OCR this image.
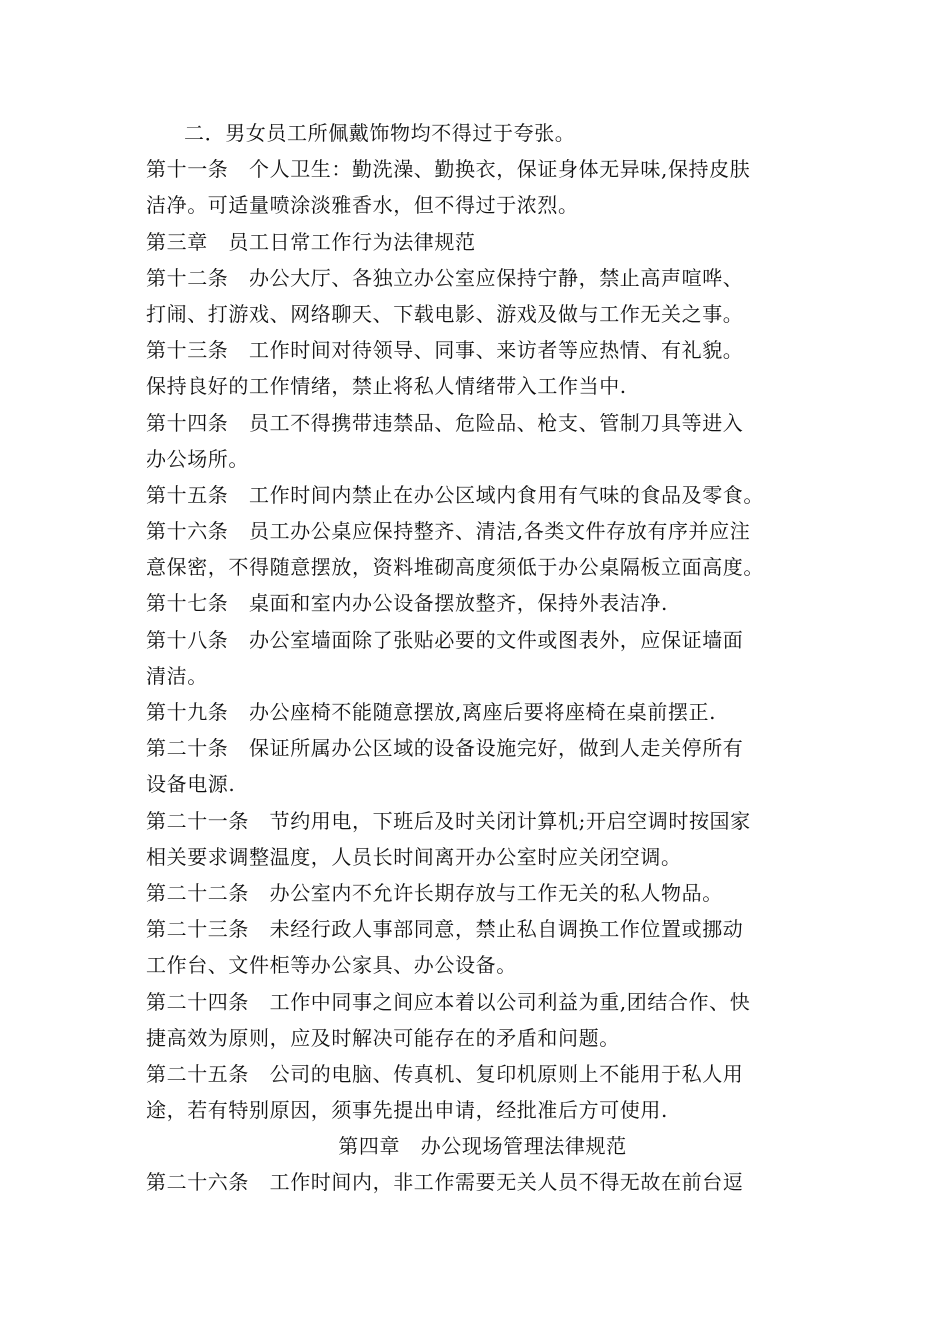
二．男女员工所佩戴饰物均不得过于夸张。
第十一条　个人卫生：勤洗澡、勤换衣，保证身体无异味,保持皮肤
洁净。可适量喷涂淡雅香水，但不得过于浓烈。
第三章　员工日常工作行为法律规范
第十二条　办公大厅、各独立办公室应保持宁静，禁止高声喧哗、
打闹、打游戏、网络聊天、下载电影、游戏及做与工作无关之事。
第十三条　工作时间对待领导、同事、来访者等应热情、有礼貌。
保持良好的工作情绪，禁止将私人情绪带入工作当中.
第十四条　员工不得携带违禁品、危险品、枪支、管制刀具等进入
办公场所。
第十五条　工作时间内禁止在办公区域内食用有气味的食品及零食。
第十六条　员工办公桌应保持整齐、清洁,各类文件存放有序并应注
意保密，不得随意摆放，资料堆砌高度须低于办公桌隔板立面高度。
第十七条　桌面和室内办公设备摆放整齐，保持外表洁净.
第十八条　办公室墙面除了张贴必要的文件或图表外，应保证墙面
清洁。
第十九条　办公座椅不能随意摆放,离座后要将座椅在桌前摆正.
第二十条　保证所属办公区域的设备设施完好，做到人走关停所有
设备电源.
第二十一条　节约用电，下班后及时关闭计算机;开启空调时按国家
相关要求调整温度，人员长时间离开办公室时应关闭空调。
第二十二条　办公室内不允许长期存放与工作无关的私人物品。
第二十三条　未经行政人事部同意，禁止私自调换工作位置或挪动
工作台、文件柜等办公家具、办公设备。
第二十四条　工作中同事之间应本着以公司利益为重,团结合作、快
捷高效为原则，应及时解决可能存在的矛盾和问题。
第二十五条　公司的电脑、传真机、复印机原则上不能用于私人用
途，若有特别原因，须事先提出申请，经批准后方可使用.
第四章　办公现场管理法律规范
第二十六条　工作时间内，非工作需要无关人员不得无故在前台逗
